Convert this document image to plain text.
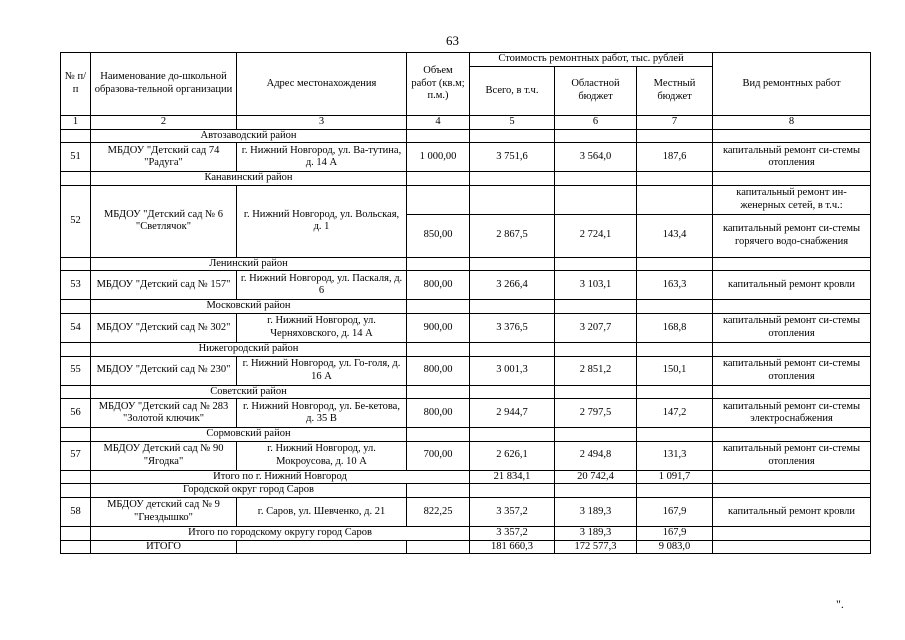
63
№ п/п	Наименование до-школьной образова-тельной организации	Адрес местонахождения	Объем работ (кв.м; п.м.)	Стоимость ремонтных работ, тыс. рублей			Вид ремонтных работ
				Всего, в т.ч.	Областной бюджет	Местный бюджет	
1	2	3	4	5	6	7	8
	Автозаводский район						
51	МБДОУ "Детский сад 74 "Радуга"	г. Нижний Новгород, ул. Ва-тутина, д. 14 А	1 000,00	3 751,6	3 564,0	187,6	капитальный ремонт си-стемы отопления
	Канавинский район						
52	МБДОУ "Детский сад № 6 "Светлячок"	г. Нижний Новгород, ул. Вольская, д. 1					капитальный ремонт ин-женерных сетей, в т.ч.:
			850,00	2 867,5	2 724,1	143,4	капитальный ремонт си-стемы горячего водо-снабжения
	Ленинский район						
53	МБДОУ "Детский сад № 157"	г. Нижний Новгород, ул. Паскаля, д. 6	800,00	3 266,4	3 103,1	163,3	капитальный ремонт кровли
	Московский район						
54	МБДОУ "Детский сад № 302"	г. Нижний Новгород, ул. Черняховского, д. 14 А	900,00	3 376,5	3 207,7	168,8	капитальный ремонт си-стемы отопления
	Нижегородский район						
55	МБДОУ "Детский сад № 230"	г. Нижний Новгород, ул. Го-голя, д. 16 А	800,00	3 001,3	2 851,2	150,1	капитальный ремонт си-стемы отопления
	Советский район						
56	МБДОУ "Детский сад № 283 "Золотой ключик"	г. Нижний Новгород, ул. Бе-кетова, д. 35 В	800,00	2 944,7	2 797,5	147,2	капитальный ремонт си-стемы электроснабжения
	Сормовский район						
57	МБДОУ Детский сад № 90 "Ягодка"	г. Нижний Новгород, ул. Мокроусова, д. 10 А	700,00	2 626,1	2 494,8	131,3	капитальный ремонт си-стемы отопления
	Итого по г. Нижний Новгород			21 834,1	20 742,4	1 091,7	
	Городской округ город Саров						
58	МБДОУ детский сад № 9 "Гнездышко"	г. Саров, ул. Шевченко, д. 21	822,25	3 357,2	3 189,3	167,9	капитальный ремонт кровли
	Итого по городскому округу город Саров			3 357,2	3 189,3	167,9	
	ИТОГО			181 660,3	172 577,3	9 083,0	
".
